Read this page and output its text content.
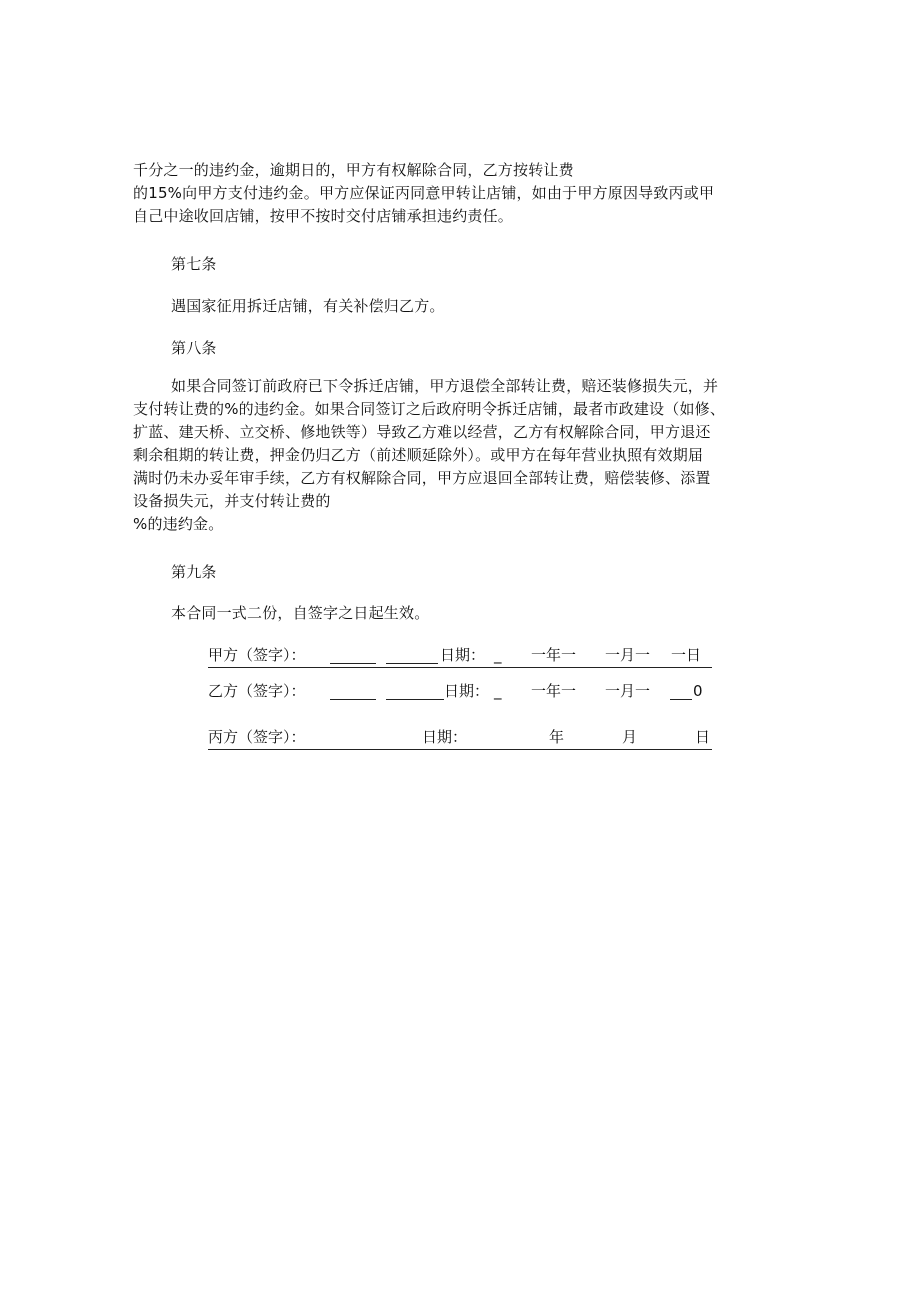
千分之一的违约金，逾期日的，甲方有权解除合同，乙方按转让费
的15%向甲方支付违约金。甲方应保证丙同意甲转让店铺，如由于甲方原因导致丙或甲
自己中途收回店铺，按甲不按时交付店铺承担违约责任。
第七条
遇国家征用拆迁店铺，有关补偿归乙方。
第八条
如果合同签订前政府已下令拆迁店铺，甲方退偿全部转让费，赔还装修损失元，并
支付转让费的%的违约金。如果合同签订之后政府明令拆迁店铺，最者市政建设（如修、
扩蓝、建天桥、立交桥、修地铁等）导致乙方难以经营，乙方有权解除合同，甲方退还
剩余租期的转让费，押金仍归乙方（前述顺延除外）。或甲方在每年营业执照有效期届
满时仍未办妥年审手续，乙方有权解除合同，甲方应退回全部转让费，赔偿装修、添置
设备损失元，并支付转让费的
%的违约金。
第九条
本合同一式二份，自签字之日起生效。
甲方（签字）：	日期： _ 一年一 一月一 一日
乙方（签字）：	日期： _ 一年一 一月一	0
丙方（签字）：	日期：	年	月	日
